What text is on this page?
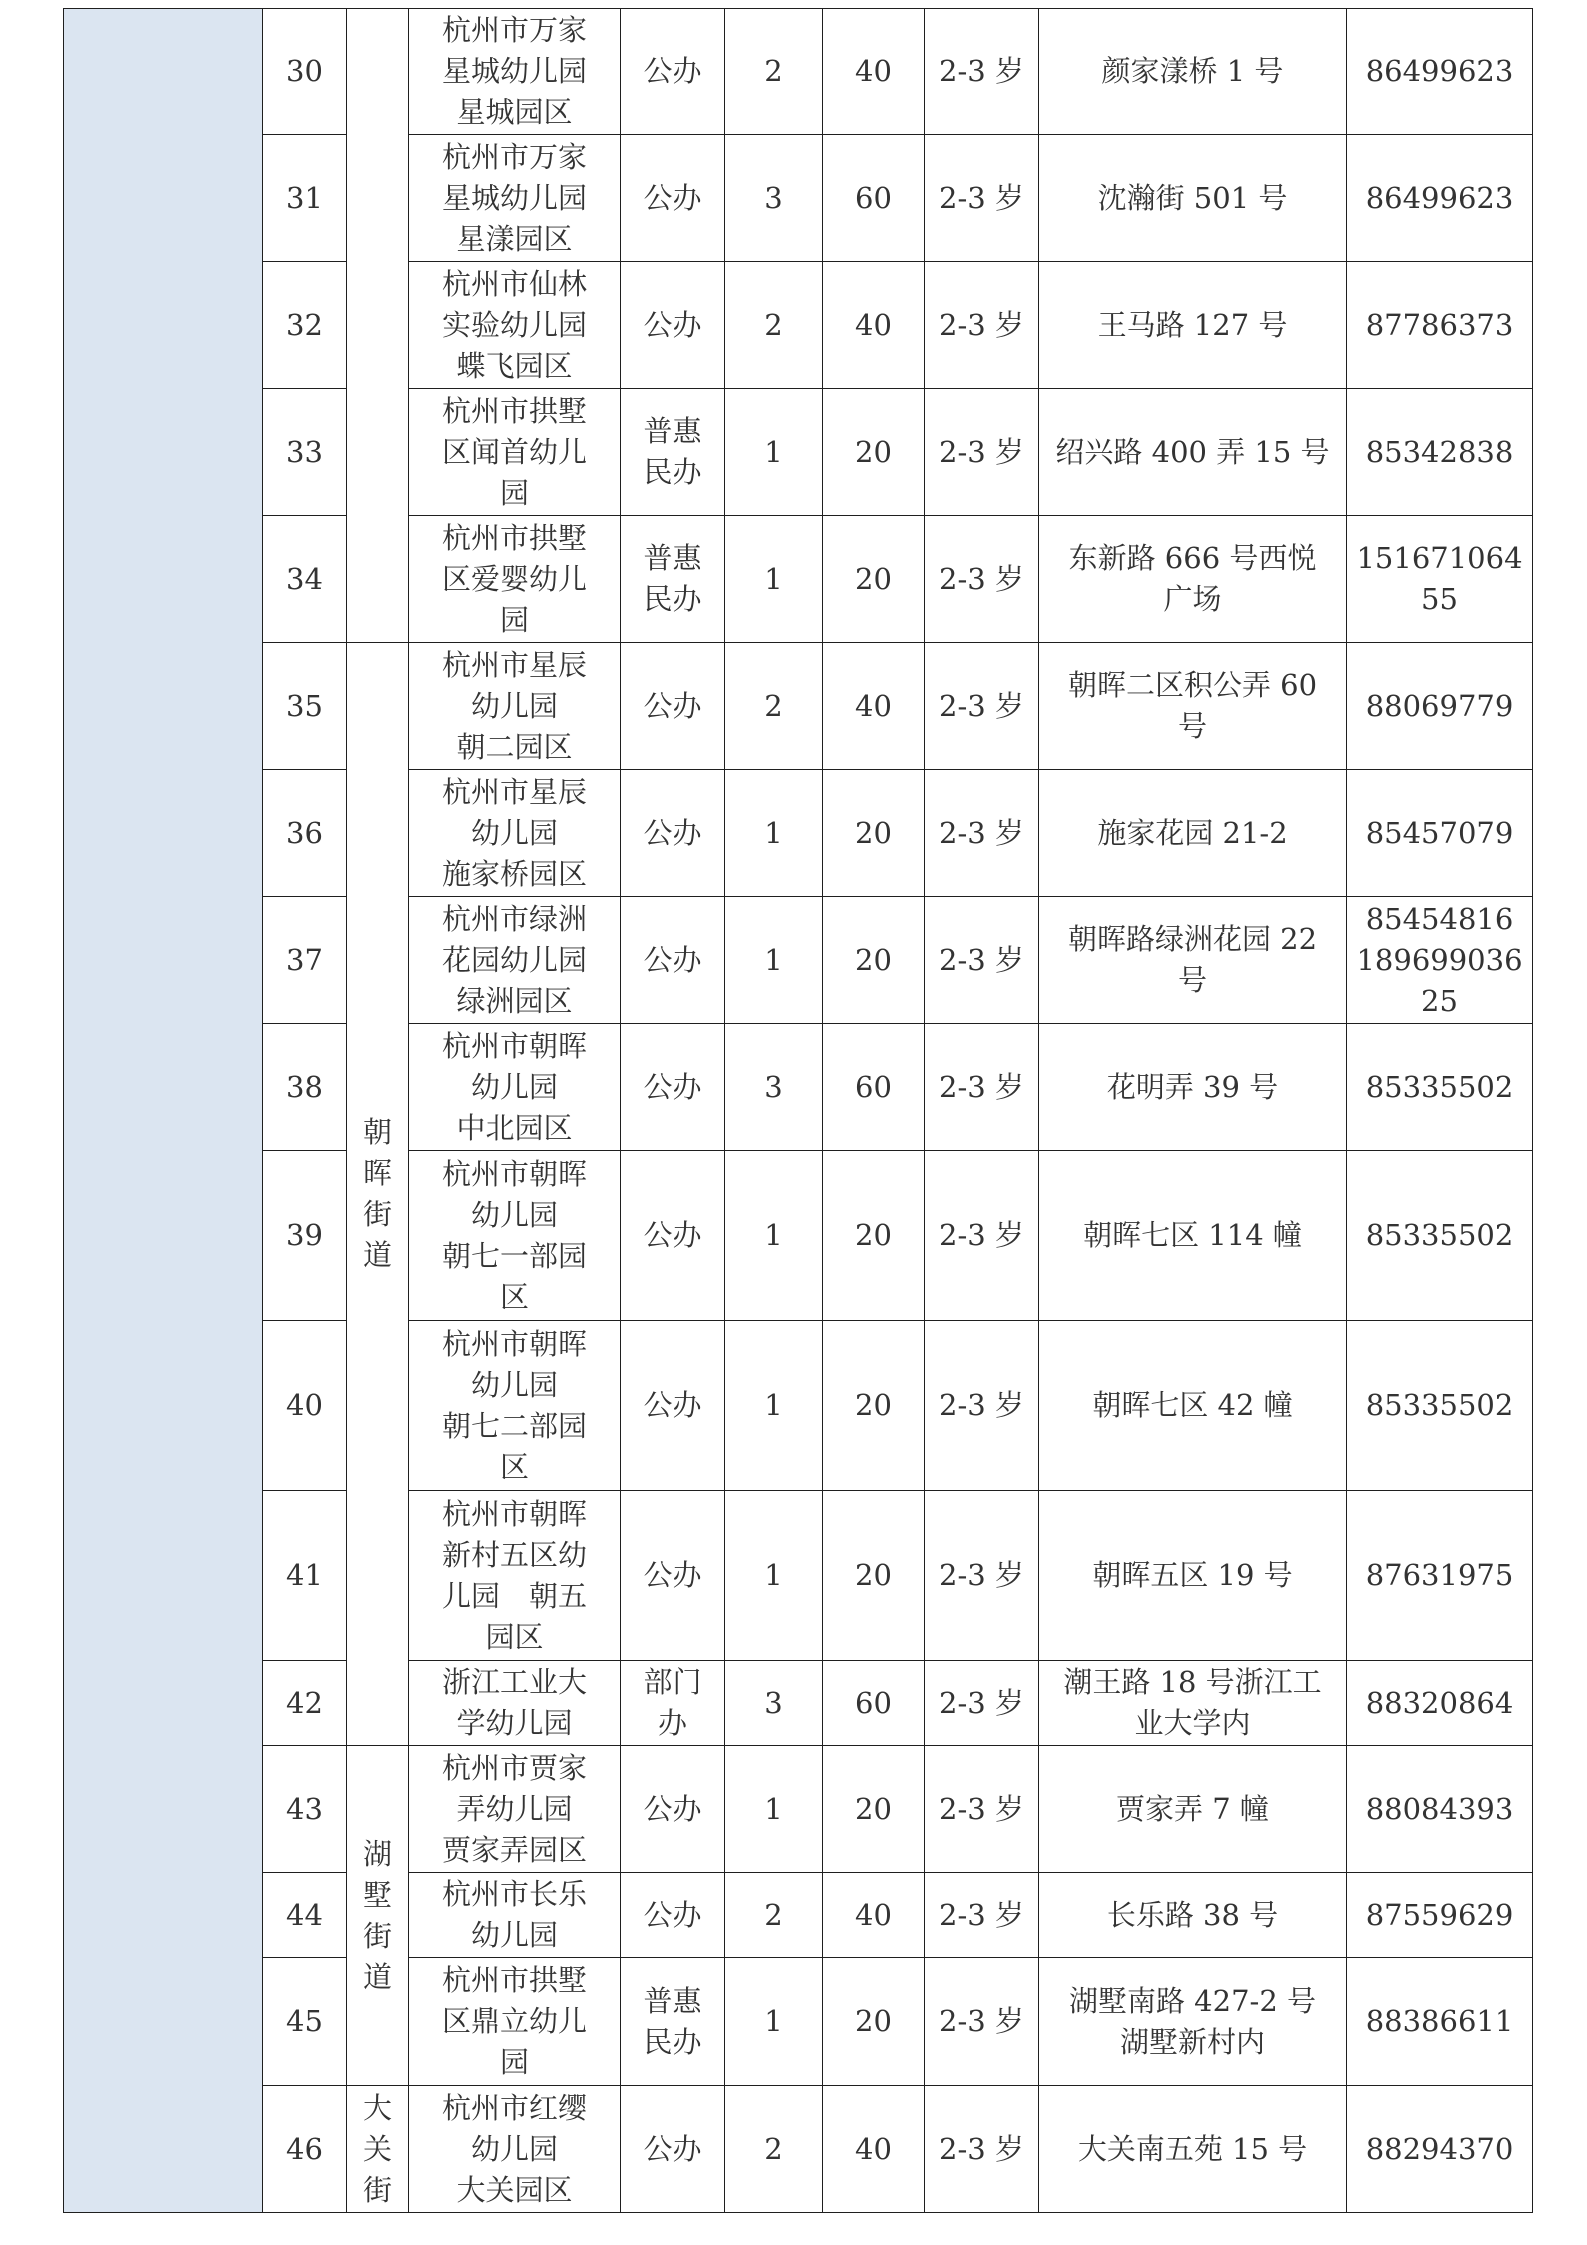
	30		杭州市万家
星城幼儿园
星城园区	公办	2	40	2-3 岁	颜家漾桥 1 号	86499623
	31		杭州市万家
星城幼儿园
星漾园区	公办	3	60	2-3 岁	沈瀚街 501 号	86499623
	32		杭州市仙林
实验幼儿园
蝶飞园区	公办	2	40	2-3 岁	王马路 127 号	87786373
	33		杭州市拱墅
区闻首幼儿
园	普惠
民办	1	20	2-3 岁	绍兴路 400 弄 15 号	85342838
	34		杭州市拱墅
区爱婴幼儿
园	普惠
民办	1	20	2-3 岁	东新路 666 号西悦
广场	151671064
55
	35	朝
晖
街
道	杭州市星辰
幼儿园
朝二园区	公办	2	40	2-3 岁	朝晖二区积公弄 60
号	88069779
	36		杭州市星辰
幼儿园
施家桥园区	公办	1	20	2-3 岁	施家花园 21-2	85457079
	37		杭州市绿洲
花园幼儿园
绿洲园区	公办	1	20	2-3 岁	朝晖路绿洲花园 22
号	85454816
189699036
25
	38		杭州市朝晖
幼儿园
中北园区	公办	3	60	2-3 岁	花明弄 39 号	85335502
	39		杭州市朝晖
幼儿园
朝七一部园
区	公办	1	20	2-3 岁	朝晖七区 114 幢	85335502
	40		杭州市朝晖
幼儿园
朝七二部园
区	公办	1	20	2-3 岁	朝晖七区 42 幢	85335502
	41		杭州市朝晖
新村五区幼
儿园　朝五
园区	公办	1	20	2-3 岁	朝晖五区 19 号	87631975
	42		浙江工业大
学幼儿园	部门
办	3	60	2-3 岁	潮王路 18 号浙江工
业大学内	88320864
	43	湖
墅
街
道	杭州市贾家
弄幼儿园
贾家弄园区	公办	1	20	2-3 岁	贾家弄 7 幢	88084393
	44		杭州市长乐
幼儿园	公办	2	40	2-3 岁	长乐路 38 号	87559629
	45		杭州市拱墅
区鼎立幼儿
园	普惠
民办	1	20	2-3 岁	湖墅南路 427-2 号
湖墅新村内	88386611
	46	大
关
街	杭州市红缨
幼儿园
大关园区	公办	2	40	2-3 岁	大关南五苑 15 号	88294370
